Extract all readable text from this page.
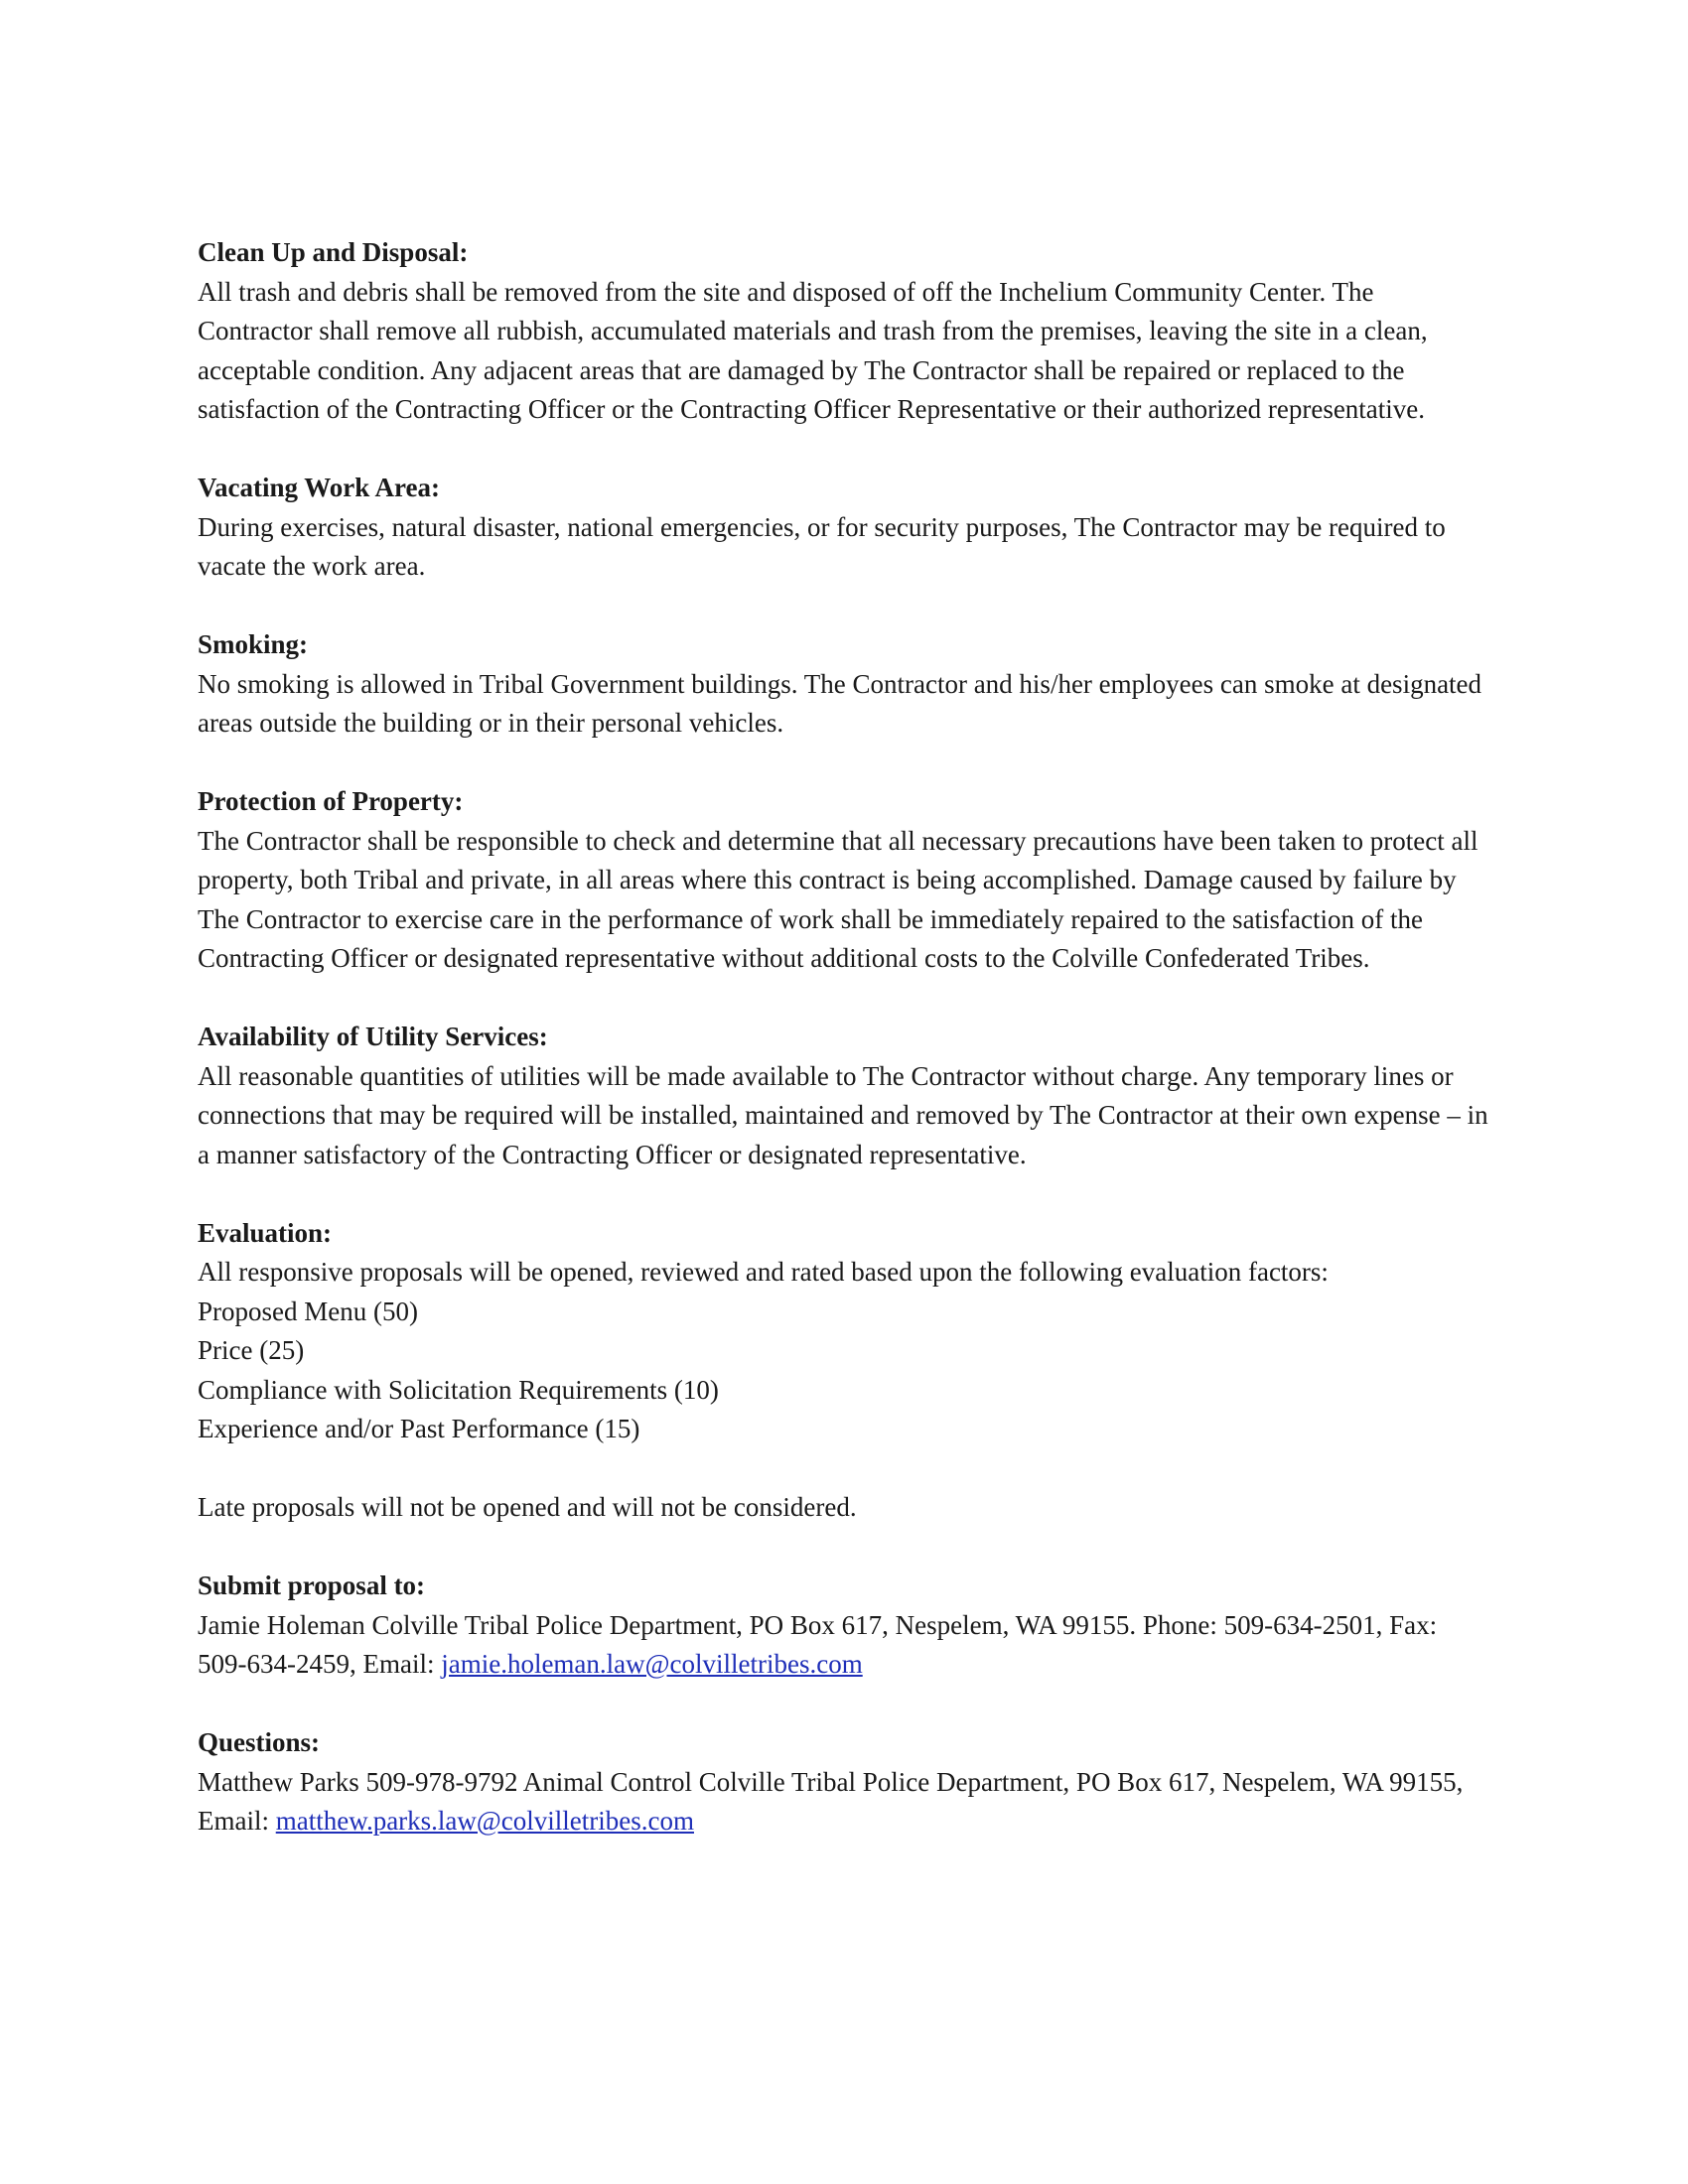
Clean Up and Disposal:

All trash and debris shall be removed from the site and disposed of off the Inchelium Community Center. The Contractor shall remove all rubbish, accumulated materials and trash from the premises, leaving the site in a clean, acceptable condition. Any adjacent areas that are damaged by The Contractor shall be repaired or replaced to the satisfaction of the Contracting Officer or the Contracting Officer Representative or their authorized representative.

Vacating Work Area:

During exercises, natural disaster, national emergencies, or for security purposes, The Contractor may be required to vacate the work area.

Smoking:

No smoking is allowed in Tribal Government buildings. The Contractor and his/her employees can smoke at designated areas outside the building or in their personal vehicles.

Protection of Property:

The Contractor shall be responsible to check and determine that all necessary precautions have been taken to protect all property, both Tribal and private, in all areas where this contract is being accomplished. Damage caused by failure by The Contractor to exercise care in the performance of work shall be immediately repaired to the satisfaction of the Contracting Officer or designated representative without additional costs to the Colville Confederated Tribes.

Availability of Utility Services:

All reasonable quantities of utilities will be made available to The Contractor without charge. Any temporary lines or connections that may be required will be installed, maintained and removed by The Contractor at their own expense – in a manner satisfactory of the Contracting Officer or designated representative.

Evaluation:

All responsive proposals will be opened, reviewed and rated based upon the following evaluation factors:

Proposed Menu (50)
Price (25)
Compliance with Solicitation Requirements (10)
Experience and/or Past Performance (15)

Late proposals will not be opened and will not be considered.

Submit proposal to:

Jamie Holeman Colville Tribal Police Department, PO Box 617, Nespelem, WA 99155. Phone: 509-634-2501, Fax: 509-634-2459, Email: jamie.holeman.law@colvilletribes.com

Questions:

Matthew Parks 509-978-9792 Animal Control Colville Tribal Police Department, PO Box 617, Nespelem, WA 99155, Email: matthew.parks.law@colvilletribes.com
